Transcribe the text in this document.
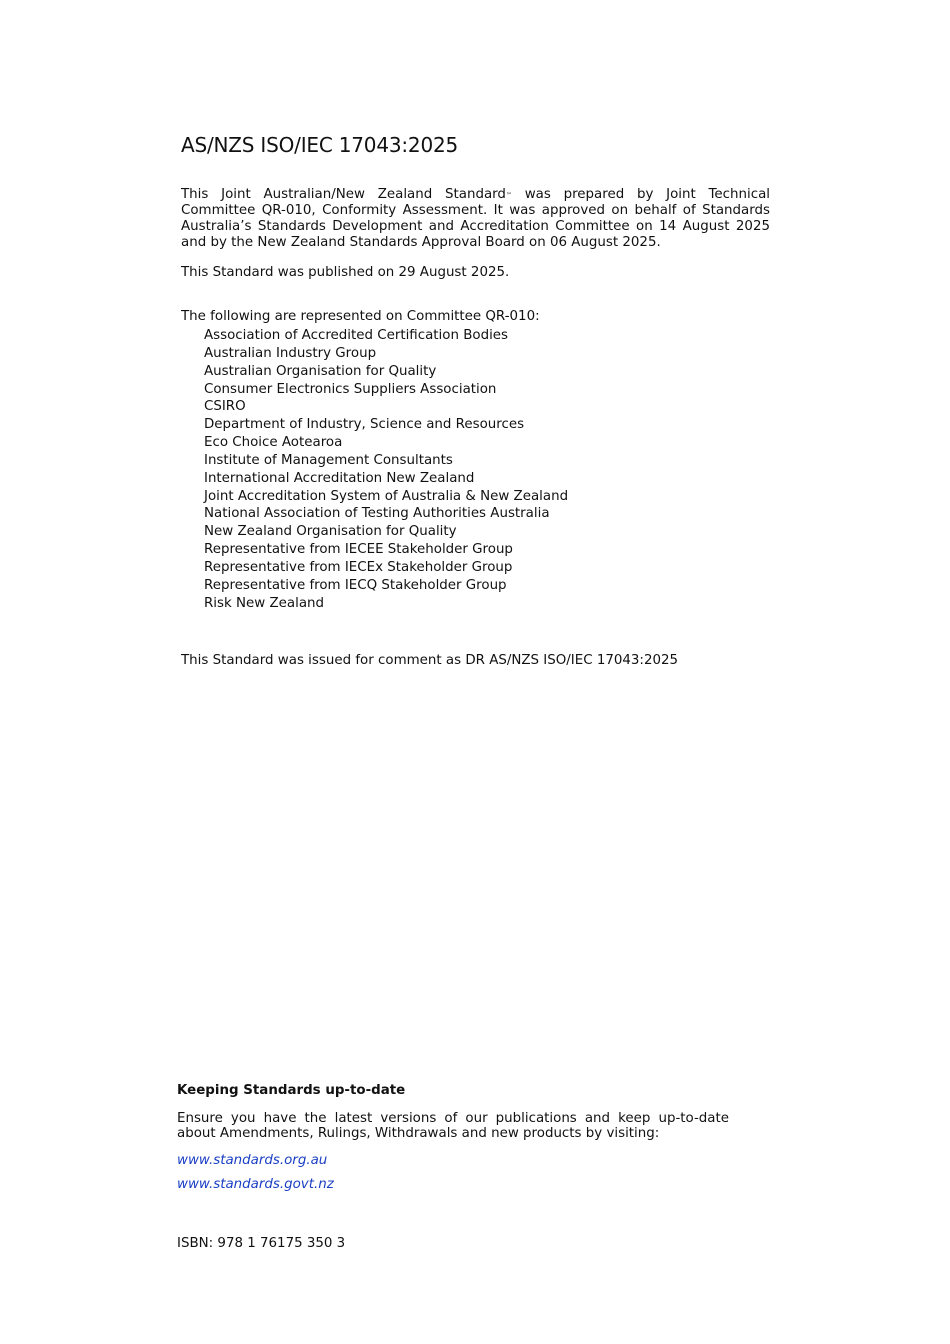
AS/NZS ISO/IEC 17043:2025
This Joint Australian/New Zealand Standard™ was prepared by Joint Technical Committee QR-010, Conformity Assessment. It was approved on behalf of Standards Australia’s Standards Development and Accreditation Committee on 14 August 2025 and by the New Zealand Standards Approval Board on 06 August 2025.
This Standard was published on 29 August 2025.
The following are represented on Committee QR-010:
Association of Accredited Certification Bodies
Australian Industry Group
Australian Organisation for Quality
Consumer Electronics Suppliers Association
CSIRO
Department of Industry, Science and Resources
Eco Choice Aotearoa
Institute of Management Consultants
International Accreditation New Zealand
Joint Accreditation System of Australia & New Zealand
National Association of Testing Authorities Australia
New Zealand Organisation for Quality
Representative from IECEE Stakeholder Group
Representative from IECEx Stakeholder Group
Representative from IECQ Stakeholder Group
Risk New Zealand
This Standard was issued for comment as DR AS/NZS ISO/IEC 17043:2025
Keeping Standards up-to-date
Ensure you have the latest versions of our publications and keep up-to-date about Amendments, Rulings, Withdrawals and new products by visiting:
www.standards.org.au
www.standards.govt.nz
ISBN: 978 1 76175 350 3
